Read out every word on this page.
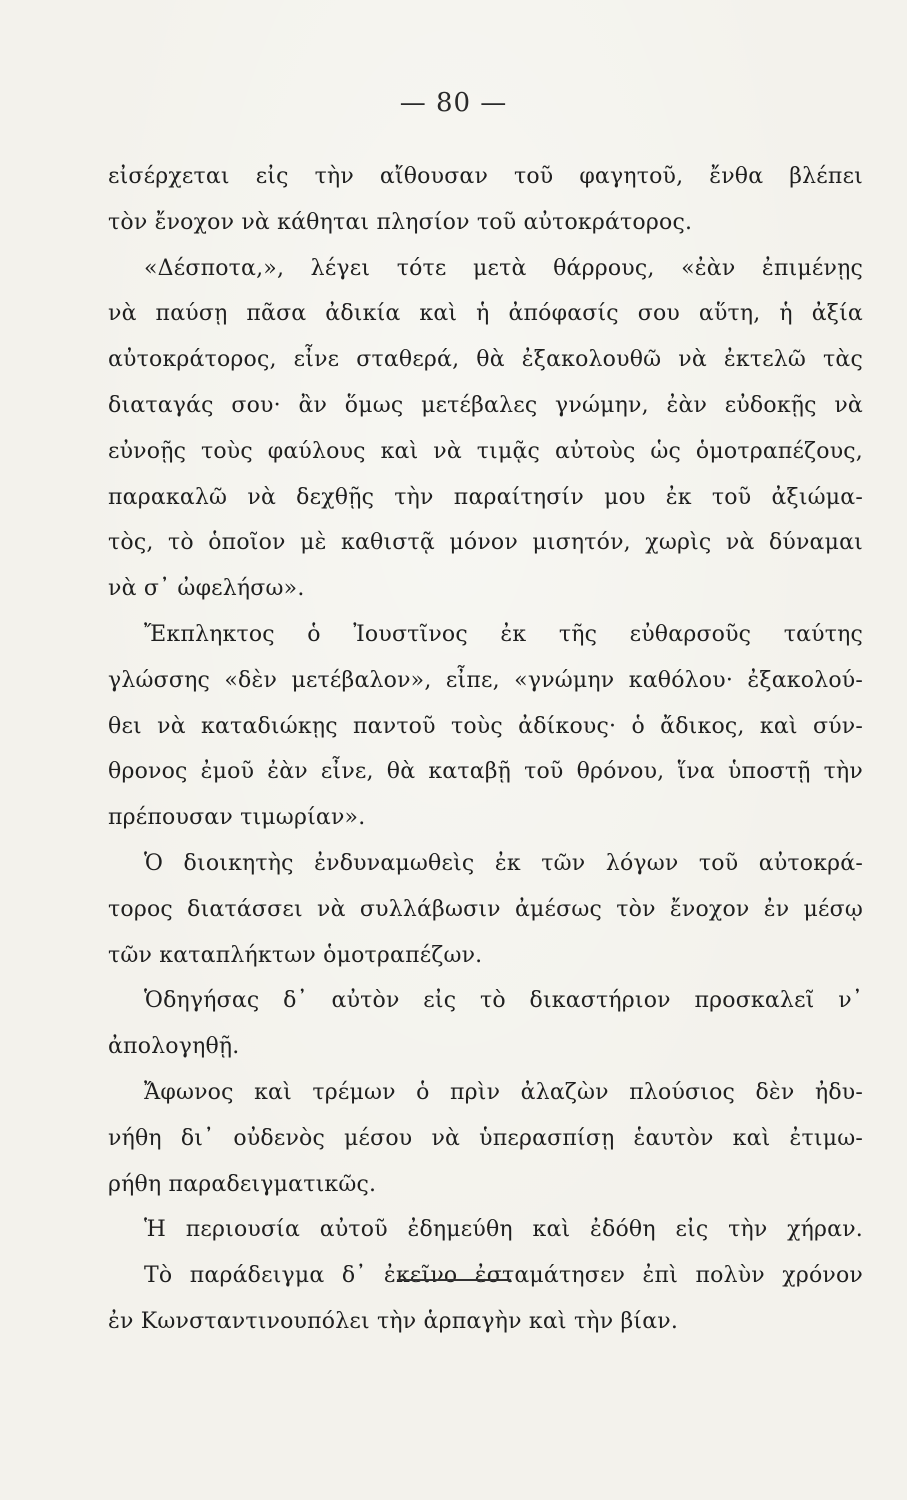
— 80 —
εἰσέρχεται εἰς τὴν αἴθουσαν τοῦ φαγητοῦ, ἔνθα βλέπει
τὸν ἔνοχον νὰ κάθηται πλησίον τοῦ αὐτοκράτορος.
«Δέσποτα,», λέγει τότε μετὰ θάρρους, «ἐὰν ἐπιμένῃς
νὰ παύσῃ πᾶσα ἀδικία καὶ ἡ ἀπόφασίς σου αὕτη, ἡ ἀξία
αὐτοκράτορος, εἶνε σταθερά, θὰ ἐξακολουθῶ νὰ ἐκτελῶ τὰς
διαταγάς σου· ἂν ὅμως μετέβαλες γνώμην, ἐὰν εὐδοκῇς νὰ
εὐνοῇς τοὺς φαύλους καὶ νὰ τιμᾷς αὐτοὺς ὡς ὁμοτραπέζους,
παρακαλῶ νὰ δεχθῇς τὴν παραίτησίν μου ἐκ τοῦ ἀξιώμα-
τὸς, τὸ ὁποῖον μὲ καθιστᾷ μόνον μισητόν, χωρὶς νὰ δύναμαι
νὰ σ᾽ ὠφελήσω».
Ἔκπληκτος ὁ Ἰουστῖνος ἐκ τῆς εὐθαρσοῦς ταύτης
γλώσσης «δὲν μετέβαλον», εἶπε, «γνώμην καθόλου· ἐξακολού-
θει νὰ καταδιώκῃς παντοῦ τοὺς ἀδίκους· ὁ ἄδικος, καὶ σύν-
θρονος ἐμοῦ ἐὰν εἶνε, θὰ καταβῇ τοῦ θρόνου, ἵνα ὑποστῇ τὴν
πρέπουσαν τιμωρίαν».
Ὁ διοικητὴς ἐνδυναμωθεὶς ἐκ τῶν λόγων τοῦ αὐτοκρά-
τορος διατάσσει νὰ συλλάβωσιν ἀμέσως τὸν ἔνοχον ἐν μέσῳ
τῶν καταπλήκτων ὁμοτραπέζων.
Ὁδηγήσας δ᾽ αὐτὸν εἰς τὸ δικαστήριον προσκαλεῖ ν᾽
ἀπολογηθῇ.
Ἄφωνος καὶ τρέμων ὁ πρὶν ἀλαζὼν πλούσιος δὲν ἠδυ-
νήθη δι᾽ οὐδενὸς μέσου νὰ ὑπερασπίσῃ ἑαυτὸν καὶ ἐτιμω-
ρήθη παραδειγματικῶς.
Ἡ περιουσία αὐτοῦ ἐδημεύθη καὶ ἐδόθη εἰς τὴν χήραν.
Τὸ παράδειγμα δ᾽ ἐκεῖνο ἐσταμάτησεν ἐπὶ πολὺν χρόνον
ἐν Κωνσταντινουπόλει τὴν ἁρπαγὴν καὶ τὴν βίαν.
